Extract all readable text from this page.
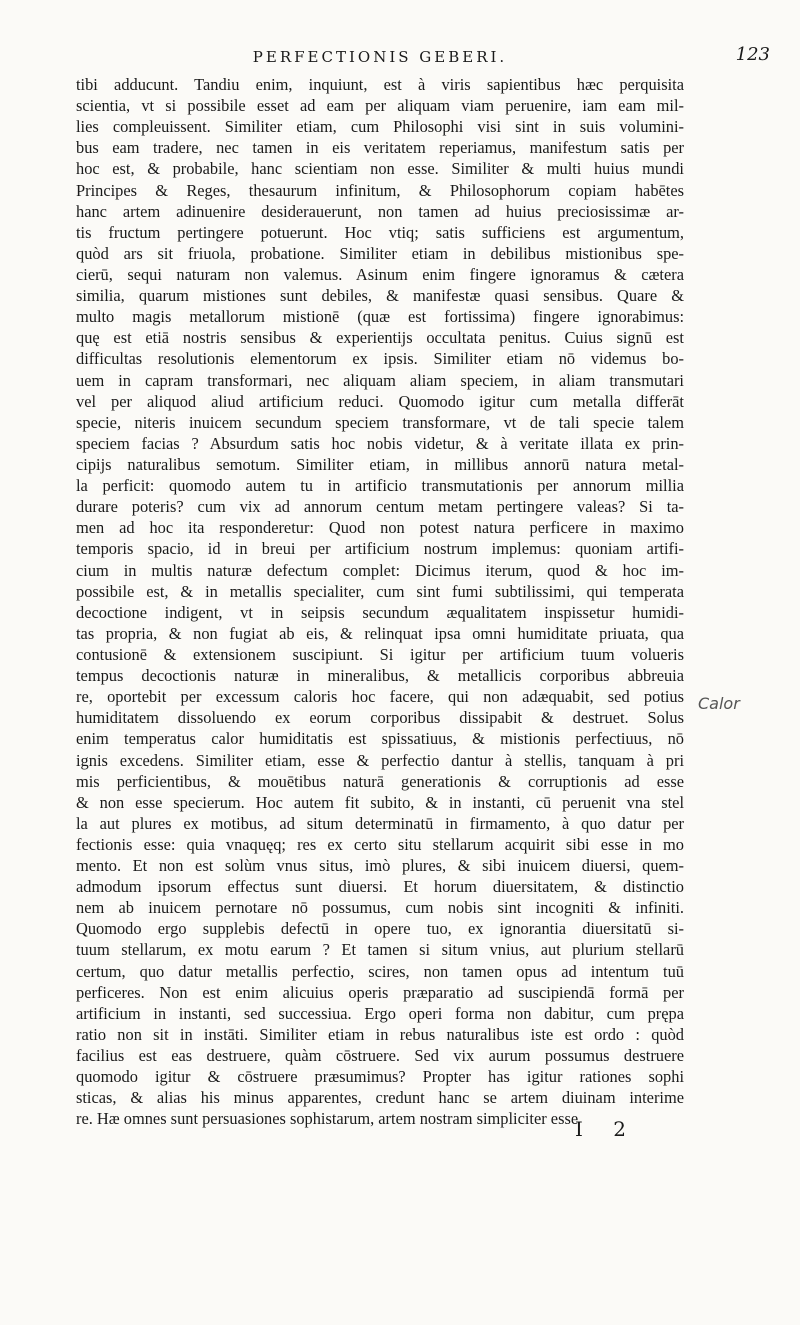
PERFECTIONIS GEBERI.	123
tibi adducunt. Tandiu enim, inquiunt, est à viris sapientibus hæc perquisita
scientia, vt si possibile esset ad eam per aliquam viam peruenire, iam eam mil-
lies compleuissent. Similiter etiam, cum Philosophi visi sint in suis volumini-
bus eam tradere, nec tamen in eis veritatem reperiamus, manifestum satis per
hoc est, & probabile, hanc scientiam non esse. Similiter & multi huius mundi
Principes & Reges, thesaurum infinitum, & Philosophorum copiam habētes
hanc artem adinuenire desiderauerunt, non tamen ad huius preciosissimæ ar-
tis fructum pertingere potuerunt. Hoc vtiq; satis sufficiens est argumentum,
quòd ars sit friuola, probatione. Similiter etiam in debilibus mistionibus spe-
cierū, sequi naturam non valemus. Asinum enim fingere ignoramus & cætera
similia, quarum mistiones sunt debiles, & manifestæ quasi sensibus. Quare &
multo magis metallorum mistionē (quæ est fortissima) fingere ignorabimus:
quę est etiā nostris sensibus & experientijs occultata penitus. Cuius signū est
difficultas resolutionis elementorum ex ipsis. Similiter etiam nō videmus bo-
uem in capram transformari, nec aliquam aliam speciem, in aliam transmutari
vel per aliquod aliud artificium reduci. Quomodo igitur cum metalla differāt
specie, niteris inuicem secundum speciem transformare, vt de tali specie talem
speciem facias ? Absurdum satis hoc nobis videtur, & à veritate illata ex prin-
cipijs naturalibus semotum. Similiter etiam, in millibus annorū natura metal-
la perficit: quomodo autem tu in artificio transmutationis per annorum millia
durare poteris? cum vix ad annorum centum metam pertingere valeas? Si ta-
men ad hoc ita responderetur: Quod non potest natura perficere in maximo
temporis spacio, id in breui per artificium nostrum implemus: quoniam artifi-
cium in multis naturæ defectum complet: Dicimus iterum, quod & hoc im-
possibile est, & in metallis specialiter, cum sint fumi subtilissimi, qui temperata
decoctione indigent, vt in seipsis secundum æqualitatem inspissetur humidi-
tas propria, & non fugiat ab eis, & relinquat ipsa omni humiditate priuata, qua
contusionē & extensionem suscipiunt. Si igitur per artificium tuum volueris
tempus decoctionis naturæ in mineralibus, & metallicis corporibus abbreuia
re, oportebit per excessum caloris hoc facere, qui non adæquabit, sed potius
humiditatem dissoluendo ex eorum corporibus dissipabit & destruet. Solus
enim temperatus calor humiditatis est spissatiuus, & mistionis perfectiuus, nō
ignis excedens. Similiter etiam, esse & perfectio dantur à stellis, tanquam à pri
mis perficientibus, & mouētibus naturā generationis & corruptionis ad esse
& non esse specierum. Hoc autem fit subito, & in instanti, cū peruenit vna stel
la aut plures ex motibus, ad situm determinatū in firmamento, à quo datur per
fectionis esse: quia vnaquęq; res ex certo situ stellarum acquirit sibi esse in mo
mento. Et non est solùm vnus situs, imò plures, & sibi inuicem diuersi, quem-
admodum ipsorum effectus sunt diuersi. Et horum diuersitatem, & distinctio
nem ab inuicem pernotare nō possumus, cum nobis sint incogniti & infiniti.
Quomodo ergo supplebis defectū in opere tuo, ex ignorantia diuersitatū si-
tuum stellarum, ex motu earum ? Et tamen si situm vnius, aut plurium stellarū
certum, quo datur metallis perfectio, scires, non tamen opus ad intentum tuū
perficeres. Non est enim alicuius operis præparatio ad suscipiendā formā per
artificium in instanti, sed successiua. Ergo operi forma non dabitur, cum prępa
ratio non sit in instāti. Similiter etiam in rebus naturalibus iste est ordo : quòd
facilius est eas destruere, quàm cōstruere. Sed vix aurum possumus destruere
quomodo igitur & cōstruere præsumimus? Propter has igitur rationes sophi
sticas, & alias his minus apparentes, credunt hanc se artem diuinam interime
re. Hæ omnes sunt persuasiones sophistarum, artem nostram simpliciter esse
Calor
I 2
